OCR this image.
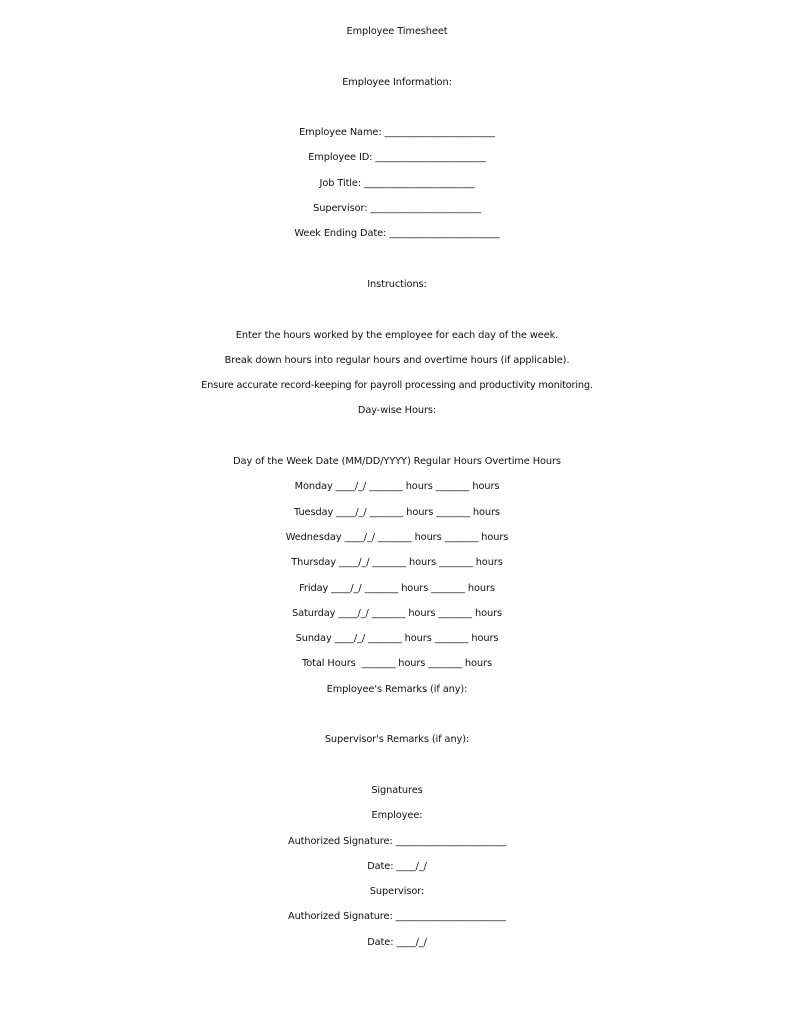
Employee Timesheet
Employee Information:
Employee Name: _______________________
Employee ID: _______________________
Job Title: _______________________
Supervisor: _______________________
Week Ending Date: _______________________
Instructions:
Enter the hours worked by the employee for each day of the week.
Break down hours into regular hours and overtime hours (if applicable).
Ensure accurate record-keeping for payroll processing and productivity monitoring.
Day-wise Hours:
Day of the Week Date (MM/DD/YYYY) Regular Hours Overtime Hours
Monday ____/_/ _______ hours _______ hours
Tuesday ____/_/ _______ hours _______ hours
Wednesday ____/_/ _______ hours _______ hours
Thursday ____/_/ _______ hours _______ hours
Friday ____/_/ _______ hours _______ hours
Saturday ____/_/ _______ hours _______ hours
Sunday ____/_/ _______ hours _______ hours
Total Hours  _______ hours _______ hours
Employee's Remarks (if any):
Supervisor's Remarks (if any):
Signatures
Employee:
Authorized Signature: _______________________
Date: ____/_/
Supervisor:
Authorized Signature: _______________________
Date: ____/_/
